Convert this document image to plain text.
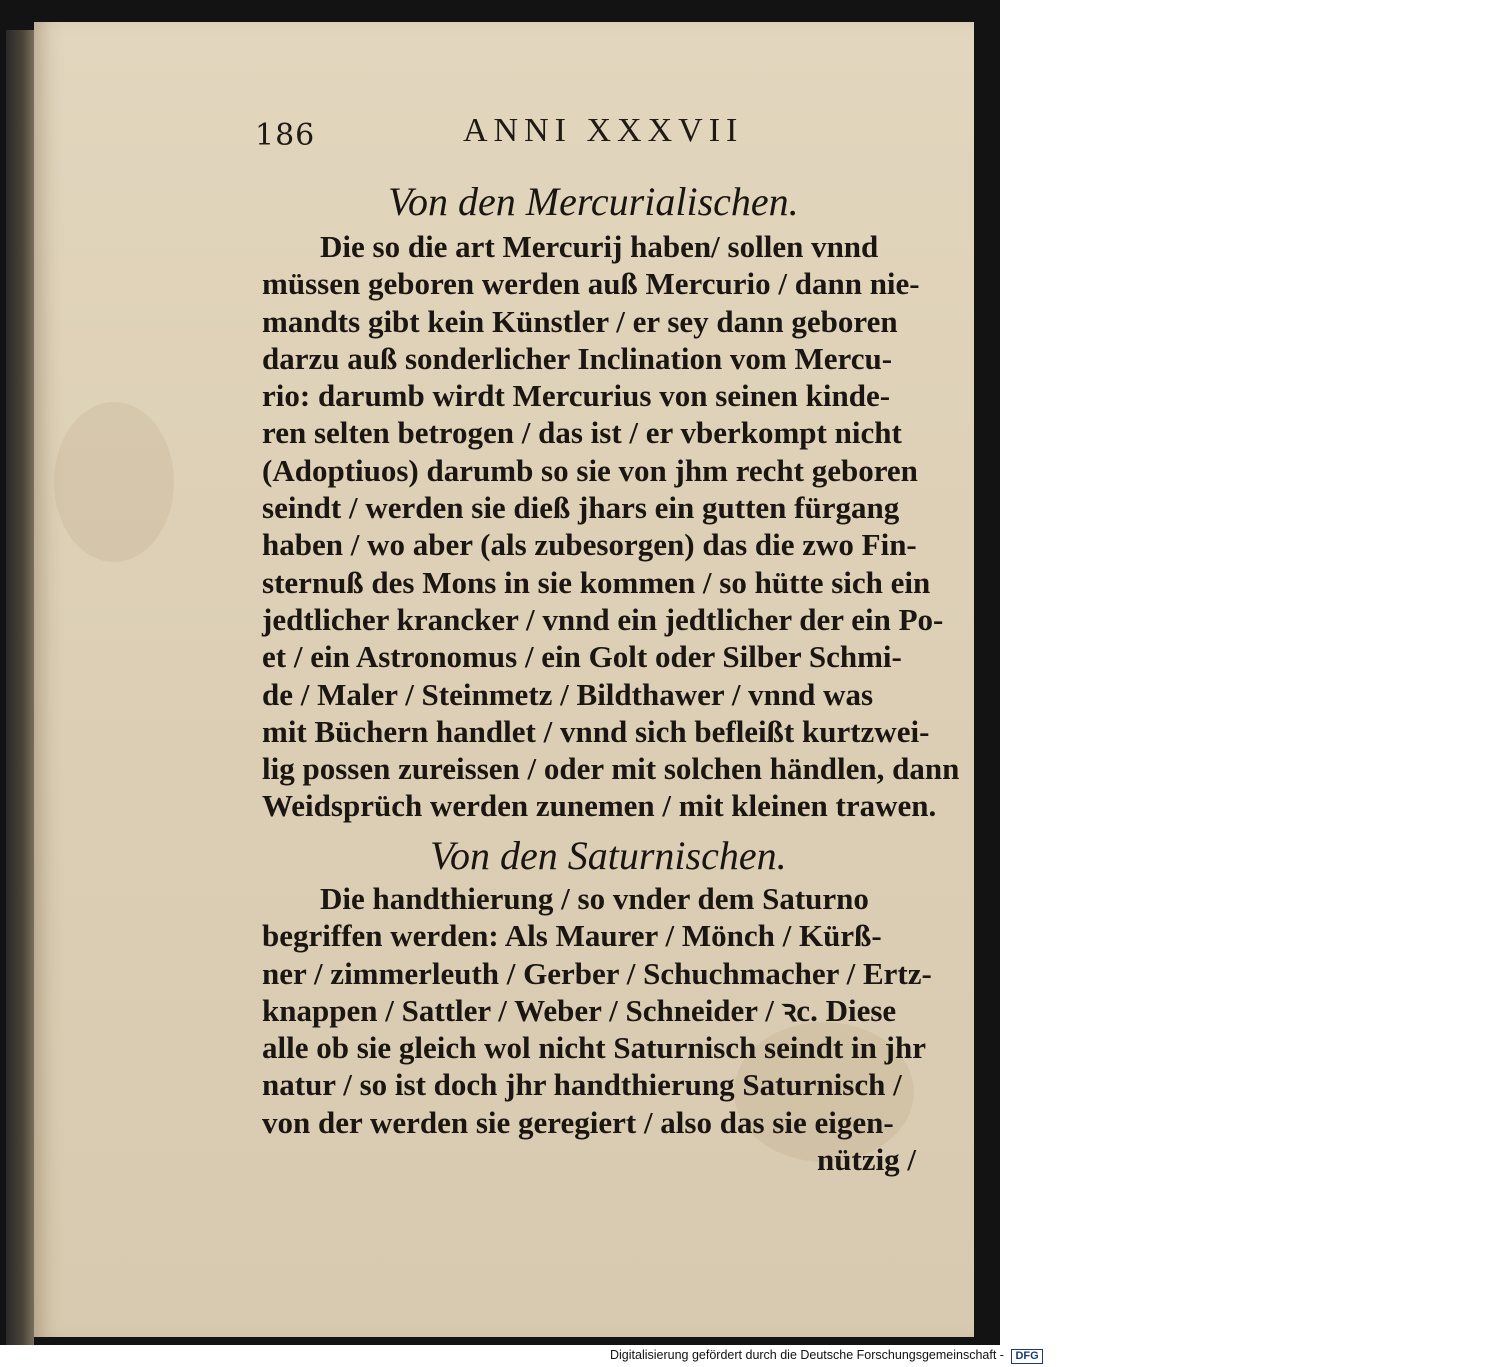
186	ANNI XXXVII
Von den Mercurialischen.
Die so die art Mercurij haben/ sollen vnnd
müssen geboren werden auß Mercurio / dann nie-
mandts gibt kein Künstler / er sey dann geboren
darzu auß sonderlicher Inclination vom Mercu-
rio: darumb wirdt Mercurius von seinen kinde-
ren selten betrogen / das ist / er vberkompt nicht
(Adoptiuos) darumb so sie von jhm recht geboren
seindt / werden sie dieß jhars ein gutten fürgang
haben / wo aber (als zubesorgen) das die zwo Fin-
sternuß des Mons in sie kommen / so hütte sich ein
jedtlicher krancker / vnnd ein jedtlicher der ein Po-
et / ein Astronomus / ein Golt oder Silber Schmi-
de / Maler / Steinmetz / Bildthawer / vnnd was
mit Büchern handlet / vnnd sich befleißt kurtzwei-
lig possen zureissen / oder mit solchen händlen, dann
Weidsprüch werden zunemen / mit kleinen trawen.
Von den Saturnischen.
Die handthierung / so vnder dem Saturno
begriffen werden: Als Maurer / Mönch / Kürß-
ner / zimmerleuth / Gerber / Schuchmacher / Ertz-
knappen / Sattler / Weber / Schneider / ꝛc. Diese
alle ob sie gleich wol nicht Saturnisch seindt in jhr
natur / so ist doch jhr handthierung Saturnisch /
von der werden sie geregiert / also das sie eigen-
nützig /
Digitalisierung gefördert durch die Deutsche Forschungsgemeinschaft - DFG
